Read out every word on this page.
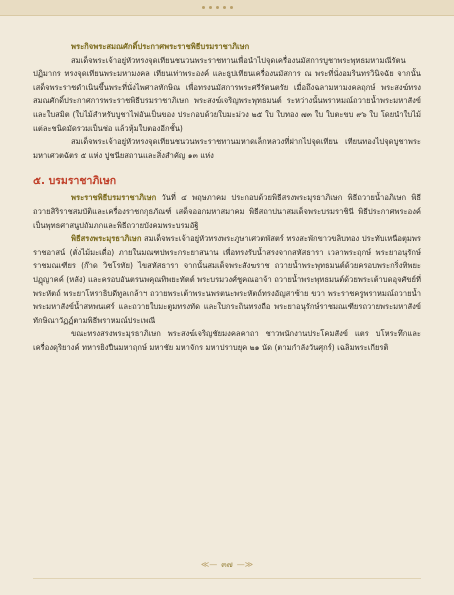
พระกิจพระสมณศักดิ์ประกาศพระราชพิธีบรมราชาภิเษก

สมเด็จพระเจ้าอยู่หัวทรงจุดเทียนชนวนพระราชทานเพื่อนำไปจุดเครื่องนมัสการบูชาพระพุทธมหามณีรัตนปฏิมากร ทรงจุดเทียนพระมหามงคล เทียนเท่าพระองค์ และธูปเทียนเครื่องนมัสการ ณ พระที่นั่งอมรินทรวินิจฉัย จากนั้นเสด็จพระราชดำเนินขึ้นพระที่นั่งไพศาลทักษิณ เพื่อทรงนมัสการพระศรีรัตนตรัย เมื่อถึงฉลามหามงคลฤกษ์ พระสงฆ์ทรงสมณศักดิ์ประกาศการพระราชพิธีบรมราชาภิเษก พระสงฆ์เจริญพระพุทธมนต์ ระหว่างนั้นพราหมณ์ถวายน้ำพระมหาสังข์และใบสมิต (ใบไม้สำหรับบูชาไฟอันเป็นของ ประกอบด้วยใบมะม่วง ๒๕ ใบ ใบทอง ๗๓ ใบ ใบตะขบ ๙๖ ใบ โดยนำใบไม้แต่ละชนิดมัดรวมเป็นช่อ แล้วหุ้มใบตองอีกชั้น)

สมเด็จพระเจ้าอยู่หัวทรงจุดเทียนชนวนพระราชทานมหาดเล็กหลวงที่ฝากไปจุดเทียน เทียนทองไปจุดบูชาพระมหาเศวตฉัตร ๕ แห่ง ปูชนียสถานและสิ่งสำคัญ ๑๓ แห่ง

๕. บรมราชาภิเษก

พระราชพิธีบรมราชาภิเษก วันที่ ๔ พฤษภาคม ประกอบด้วยพิธีสรงพระมุรธาภิเษก พิธีถวายน้ำอภิเษก พิธีถวายสิริราชสมบัติและเครื่องราชกกุธภัณฑ์ เสด็จออกมหาสมาคม พิธีสถาปนาสมเด็จพระบรมราชินี พิธีประกาศพระองค์เป็นพุทธศาสนูปถัมภกและพิธีถวายบังคมพระบรมอัฐิ

พิธีสรงพระมุรธาภิเษก สมเด็จพระเจ้าอยู่หัวทรงพระภูษาเศวตพัสตร์ ทรงสะพักขาวขลิบทอง ประทับเหนือตุมพรราชอาสน์ (ตั่งไม้มะเดื่อ) ภายในมณฑปพระกระยาสนาน เพื่อทรงรับน้ำสรงจากสหัสธารา เวลาพระฤกษ์ พระยาอนุรักษ์ราชมณเฑียร (ก๊าด วิชโรทัย) ไขสหัสธารา จากนั้นสมเด็จพระสังฆราช ถวายน้ำพระพุทธมนต์ด้วยครอบพระกริ่งทิพยะปฏุญาคค์ (หลัง) และครอบอันตรนพคุณทิพยะทัตต์ พระบรมวงศ์ชูคณอาจ้า ถวายน้ำพระพุทธมนต์ด้วยพระเต้าบดอุจศัขย์ที่พระหัตถ์ พระยาโหราธิบดีทูลเกล้าฯ ถวายพระเต้าพระนพรตนะพระหัตถ์ทรงอัญสาซ้าย ขวา พระราชครูพราหมณ์ถวายน้ำพระมหาสังข์น้ำสหพนเศร์ และถวายใบมะตูมทรงทัด และใบกระถินทรงถือ พระยาอนุรักษ์ราชมณเฑียรถวายพระมหาสังข์ทักษิณาวัฏฏ์ตามพิธีพราหมณ์ประเพณี

ขณะทรงสรงพระมุรธาภิเษก พระสงฆ์เจริญชัยมงคลคาถา ชาวพนักงานประโคมสังข์ แตร บโหระทึกและเครื่องดุริยางค์ ทหารยิงปืนมหาฤกษ์ มหาชัย มหาจักร มหาปราบยุค ๒๑ นัด (ตามกำลังวันศุกร์) เฉลิมพระเกียรติ

≪— ๓๗ —≫
